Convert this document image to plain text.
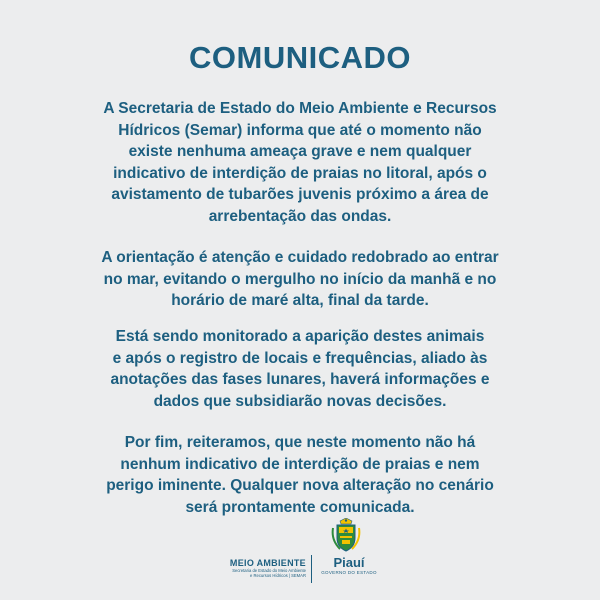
COMUNICADO

A Secretaria de Estado do Meio Ambiente e Recursos
Hídricos (Semar) informa que até o momento não
existe nenhuma ameaça grave e nem qualquer
indicativo de interdição de praias no litoral, após o
avistamento de tubarões juvenis próximo a área de
arrebentação das ondas.

A orientação é atenção e cuidado redobrado ao entrar
no mar, evitando o mergulho no início da manhã e no
horário de maré alta, final da tarde.

Está sendo monitorado a aparição destes animais
e após o registro de locais e frequências, aliado às
anotações das fases lunares, haverá informações e
dados que subsidiarão novas decisões.

Por fim, reiteramos, que neste momento não há
nenhum indicativo de interdição de praias e nem
perigo iminente. Qualquer nova alteração no cenário
será prontamente comunicada.

MEIO AMBIENTE
Secretaria de Estado do Meio Ambiente
e Recursos Hídricos | SEMAR
Piauí
GOVERNO DO ESTADO
